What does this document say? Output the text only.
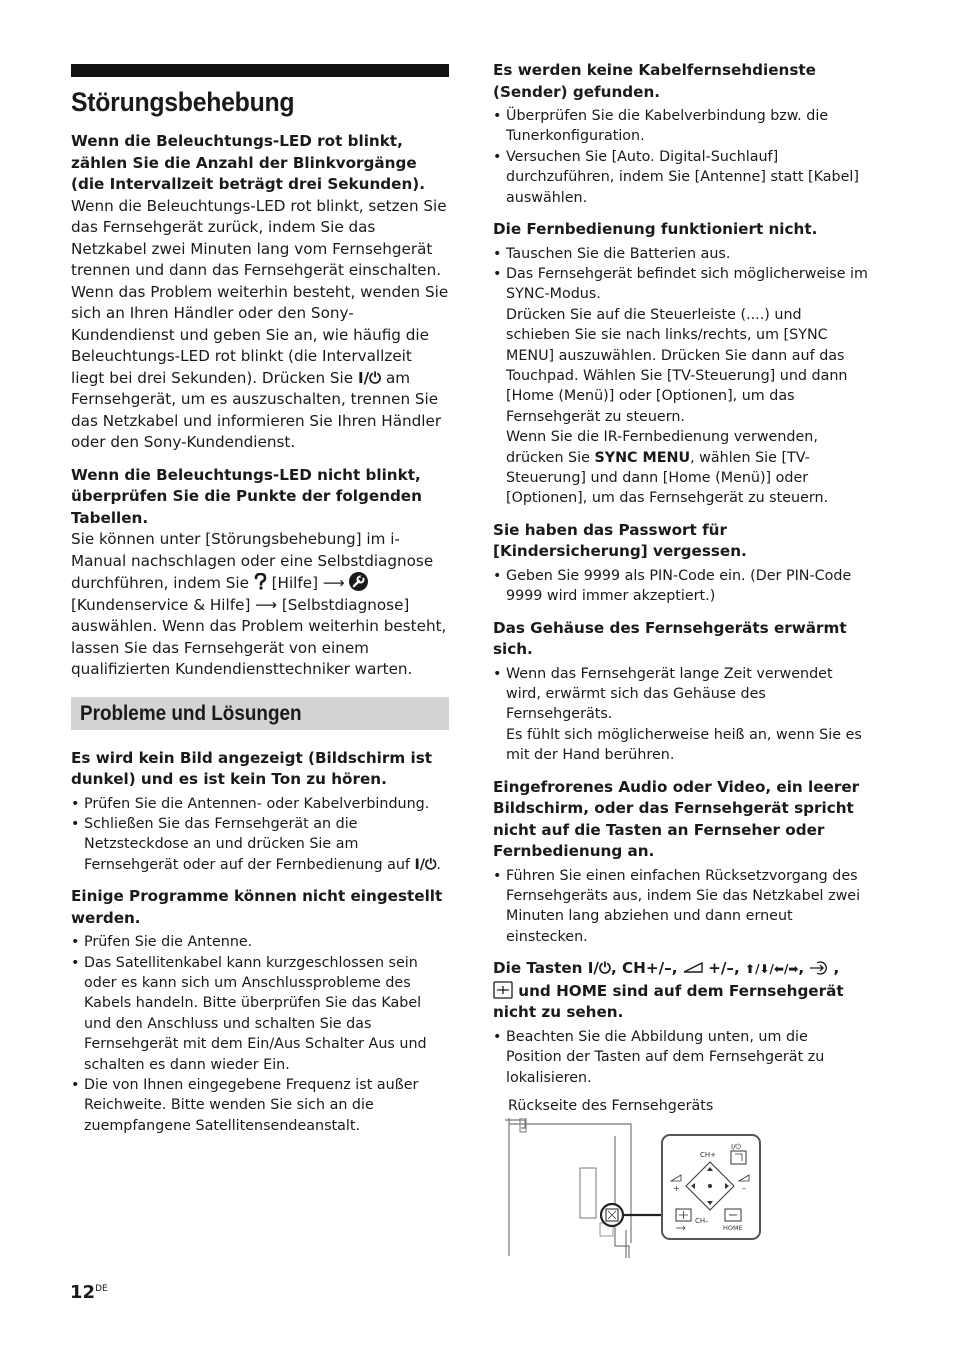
Störungsbehebung

Wenn die Beleuchtungs-LED rot blinkt, zählen Sie die Anzahl der Blinkvorgänge (die Intervallzeit beträgt drei Sekunden).

Wenn die Beleuchtungs-LED rot blinkt, setzen Sie das Fernsehgerät zurück, indem Sie das Netzkabel zwei Minuten lang vom Fernsehgerät trennen und dann das Fernsehgerät einschalten.

Wenn das Problem weiterhin besteht, wenden Sie sich an Ihren Händler oder den Sony-Kundendienst und geben Sie an, wie häufig die Beleuchtungs-LED rot blinkt (die Intervallzeit liegt bei drei Sekunden). Drücken Sie I/⏻ am Fernsehgerät, um es auszuschalten, trennen Sie das Netzkabel und informieren Sie Ihren Händler oder den Sony-Kundendienst.

Wenn die Beleuchtungs-LED nicht blinkt, überprüfen Sie die Punkte der folgenden Tabellen.

Sie können unter [Störungsbehebung] im i-Manual nachschlagen oder eine Selbstdiagnose durchführen, indem Sie  [Hilfe] ⟶  [Kundenservice & Hilfe] ⟶ [Selbstdiagnose] auswählen. Wenn das Problem weiterhin besteht, lassen Sie das Fernsehgerät von einem qualifizierten Kundendiensttechniker warten.

Probleme und Lösungen

Es wird kein Bild angezeigt (Bildschirm ist dunkel) und es ist kein Ton zu hören.

• Prüfen Sie die Antennen- oder Kabelverbindung.
• Schließen Sie das Fernsehgerät an die Netzsteckdose an und drücken Sie am Fernsehgerät oder auf der Fernbedienung auf I/⏻.

Einige Programme können nicht eingestellt werden.

• Prüfen Sie die Antenne.
• Das Satellitenkabel kann kurzgeschlossen sein oder es kann sich um Anschlussprobleme des Kabels handeln. Bitte überprüfen Sie das Kabel und den Anschluss und schalten Sie das Fernsehgerät mit dem Ein/Aus Schalter Aus und schalten es dann wieder Ein.
• Die von Ihnen eingegebene Frequenz ist außer Reichweite. Bitte wenden Sie sich an die zuempfangene Satellitensendeanstalt.

Es werden keine Kabelfernsehdienste (Sender) gefunden.

• Überprüfen Sie die Kabelverbindung bzw. die Tunerkonfiguration.
• Versuchen Sie [Auto. Digital-Suchlauf] durchzuführen, indem Sie [Antenne] statt [Kabel] auswählen.

Die Fernbedienung funktioniert nicht.

• Tauschen Sie die Batterien aus.
• Das Fernsehgerät befindet sich möglicherweise im SYNC-Modus.
Drücken Sie auf die Steuerleiste (....) und schieben Sie sie nach links/rechts, um [SYNC MENU] auszuwählen. Drücken Sie dann auf das Touchpad. Wählen Sie [TV-Steuerung] und dann [Home (Menü)] oder [Optionen], um das Fernsehgerät zu steuern.
Wenn Sie die IR-Fernbedienung verwenden, drücken Sie SYNC MENU, wählen Sie [TV-Steuerung] und dann [Home (Menü)] oder [Optionen], um das Fernsehgerät zu steuern.

Sie haben das Passwort für [Kindersicherung] vergessen.

• Geben Sie 9999 als PIN-Code ein. (Der PIN-Code 9999 wird immer akzeptiert.)

Das Gehäuse des Fernsehgeräts erwärmt sich.

• Wenn das Fernsehgerät lange Zeit verwendet wird, erwärmt sich das Gehäuse des Fernsehgeräts.
Es fühlt sich möglicherweise heiß an, wenn Sie es mit der Hand berühren.

Eingefrorenes Audio oder Video, ein leerer Bildschirm, oder das Fernsehgerät spricht nicht auf die Tasten an Fernseher oder Fernbedienung an.

• Führen Sie einen einfachen Rücksetzvorgang des Fernsehgeräts aus, indem Sie das Netzkabel zwei Minuten lang abziehen und dann erneut einstecken.

Die Tasten I/⏻, CH+/–,  +/–, ⬆/⬇/⬅/➡, ,
und HOME sind auf dem Fernsehgerät nicht zu sehen.

• Beachten Sie die Abbildung unten, um die Position der Tasten auf dem Fernsehgerät zu lokalisieren.

Rückseite des Fernsehgeräts

I/⏻
CH+
+	–
CH–
HOME
12DE
